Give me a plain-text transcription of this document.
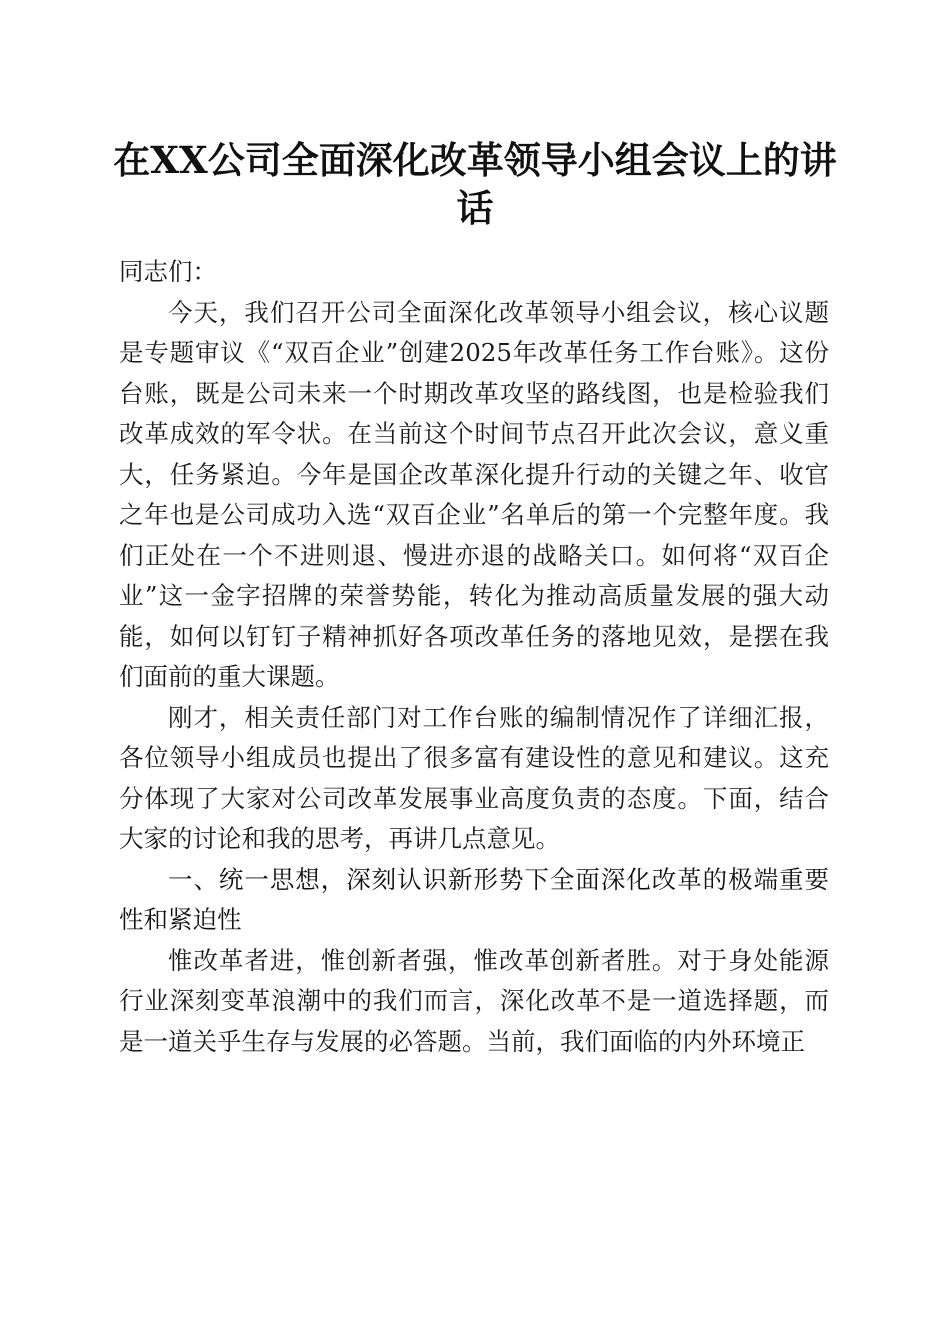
在XX公司全面深化改革领导小组会议上的讲话

同志们：

今天，我们召开公司全面深化改革领导小组会议，核心议题是专题审议《“双百企业”创建2025年改革任务工作台账》。这份台账，既是公司未来一个时期改革攻坚的路线图，也是检验我们改革成效的军令状。在当前这个时间节点召开此次会议，意义重大，任务紧迫。今年是国企改革深化提升行动的关键之年、收官之年也是公司成功入选“双百企业”名单后的第一个完整年度。我们正处在一个不进则退、慢进亦退的战略关口。如何将“双百企业”这一金字招牌的荣誉势能，转化为推动高质量发展的强大动能，如何以钉钉子精神抓好各项改革任务的落地见效，是摆在我们面前的重大课题。

刚才，相关责任部门对工作台账的编制情况作了详细汇报，各位领导小组成员也提出了很多富有建设性的意见和建议。这充分体现了大家对公司改革发展事业高度负责的态度。下面，结合大家的讨论和我的思考，再讲几点意见。

一、统一思想，深刻认识新形势下全面深化改革的极端重要性和紧迫性

惟改革者进，惟创新者强，惟改革创新者胜。对于身处能源行业深刻变革浪潮中的我们而言，深化改革不是一道选择题，而是一道关乎生存与发展的必答题。当前，我们面临的内外环境正
